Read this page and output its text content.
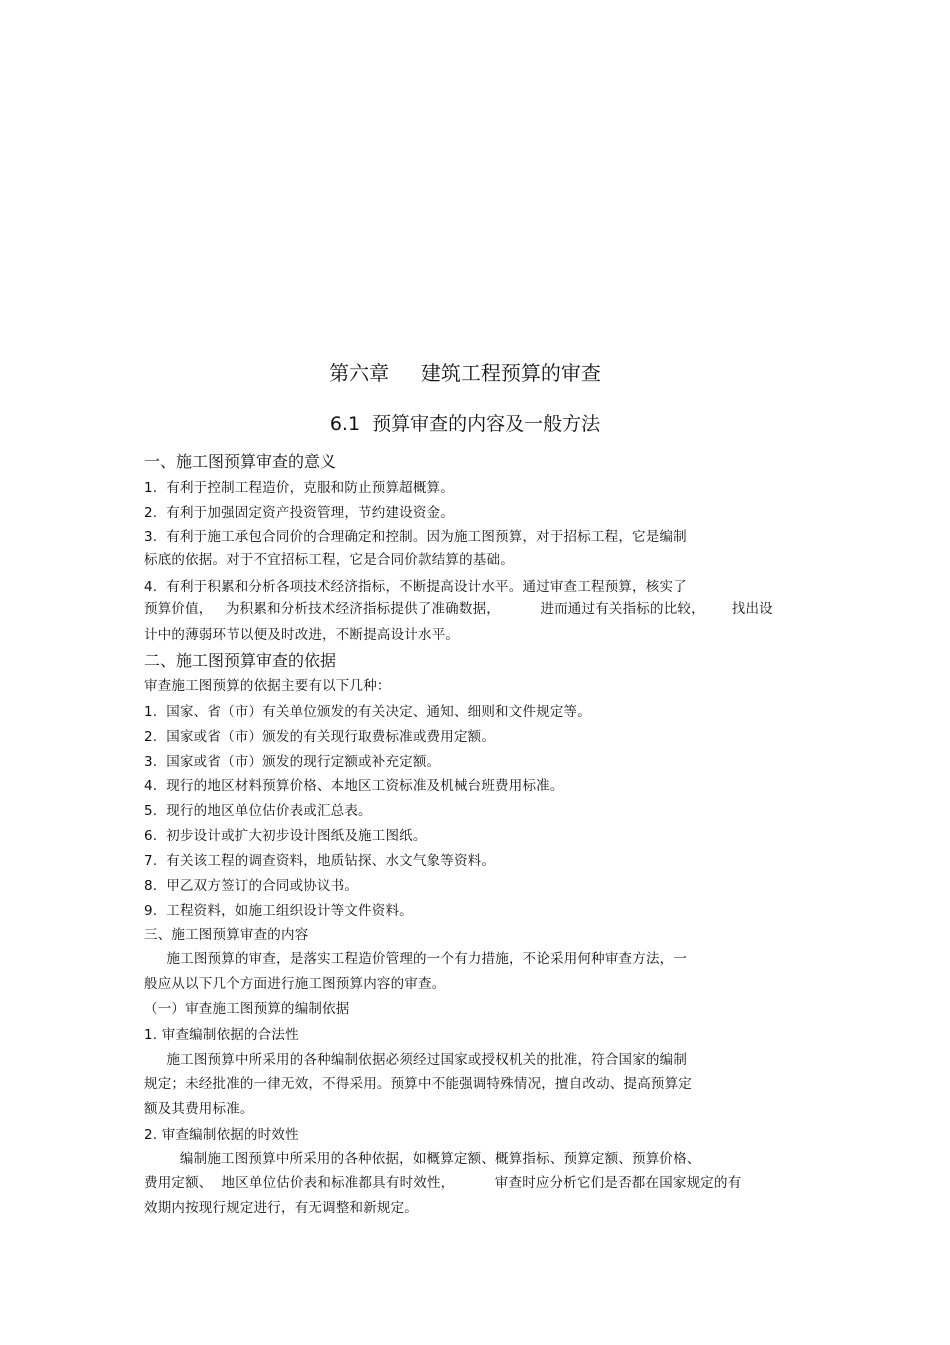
第六章     建筑工程预算的审查
6.1  预算审查的内容及一般方法
一、施工图预算审查的意义
1.  有利于控制工程造价，克服和防止预算超概算。
2.  有利于加强固定资产投资管理，节约建设资金。
3.  有利于施工承包合同价的合理确定和控制。因为施工图预算，对于招标工程，它是编制
标底的依据。对于不宜招标工程，它是合同价款结算的基础。
4.  有利于积累和分析各项技术经济指标，不断提高设计水平。通过审查工程预算，核实了
预算价值，   为积累和分析技术经济指标提供了准确数据，         进而通过有关指标的比较，      找出设
计中的薄弱环节以便及时改进，不断提高设计水平。
二、施工图预算审查的依据
审查施工图预算的依据主要有以下几种：
1.  国家、省（市）有关单位颁发的有关决定、通知、细则和文件规定等。
2.  国家或省（市）颁发的有关现行取费标准或费用定额。
3.  国家或省（市）颁发的现行定额或补充定额。
4.  现行的地区材料预算价格、本地区工资标准及机械台班费用标准。
5.  现行的地区单位估价表或汇总表。
6.  初步设计或扩大初步设计图纸及施工图纸。
7.  有关该工程的调查资料，地质钻探、水文气象等资料。
8.  甲乙双方签订的合同或协议书。
9.  工程资料，如施工组织设计等文件资料。
三、施工图预算审查的内容
施工图预算的审查，是落实工程造价管理的一个有力措施，不论采用何种审查方法，一
般应从以下几个方面进行施工图预算内容的审查。
（一）审查施工图预算的编制依据
1. 审查编制依据的合法性
施工图预算中所采用的各种编制依据必须经过国家或授权机关的批准，符合国家的编制
规定；未经批准的一律无效，不得采用。预算中不能强调特殊情况，擅自改动、提高预算定
额及其费用标准。
2. 审查编制依据的时效性
编制施工图预算中所采用的各种依据，如概算定额、概算指标、预算定额、预算价格、
费用定额、  地区单位估价表和标准都具有时效性，         审查时应分析它们是否都在国家规定的有
效期内按现行规定进行，有无调整和新规定。
